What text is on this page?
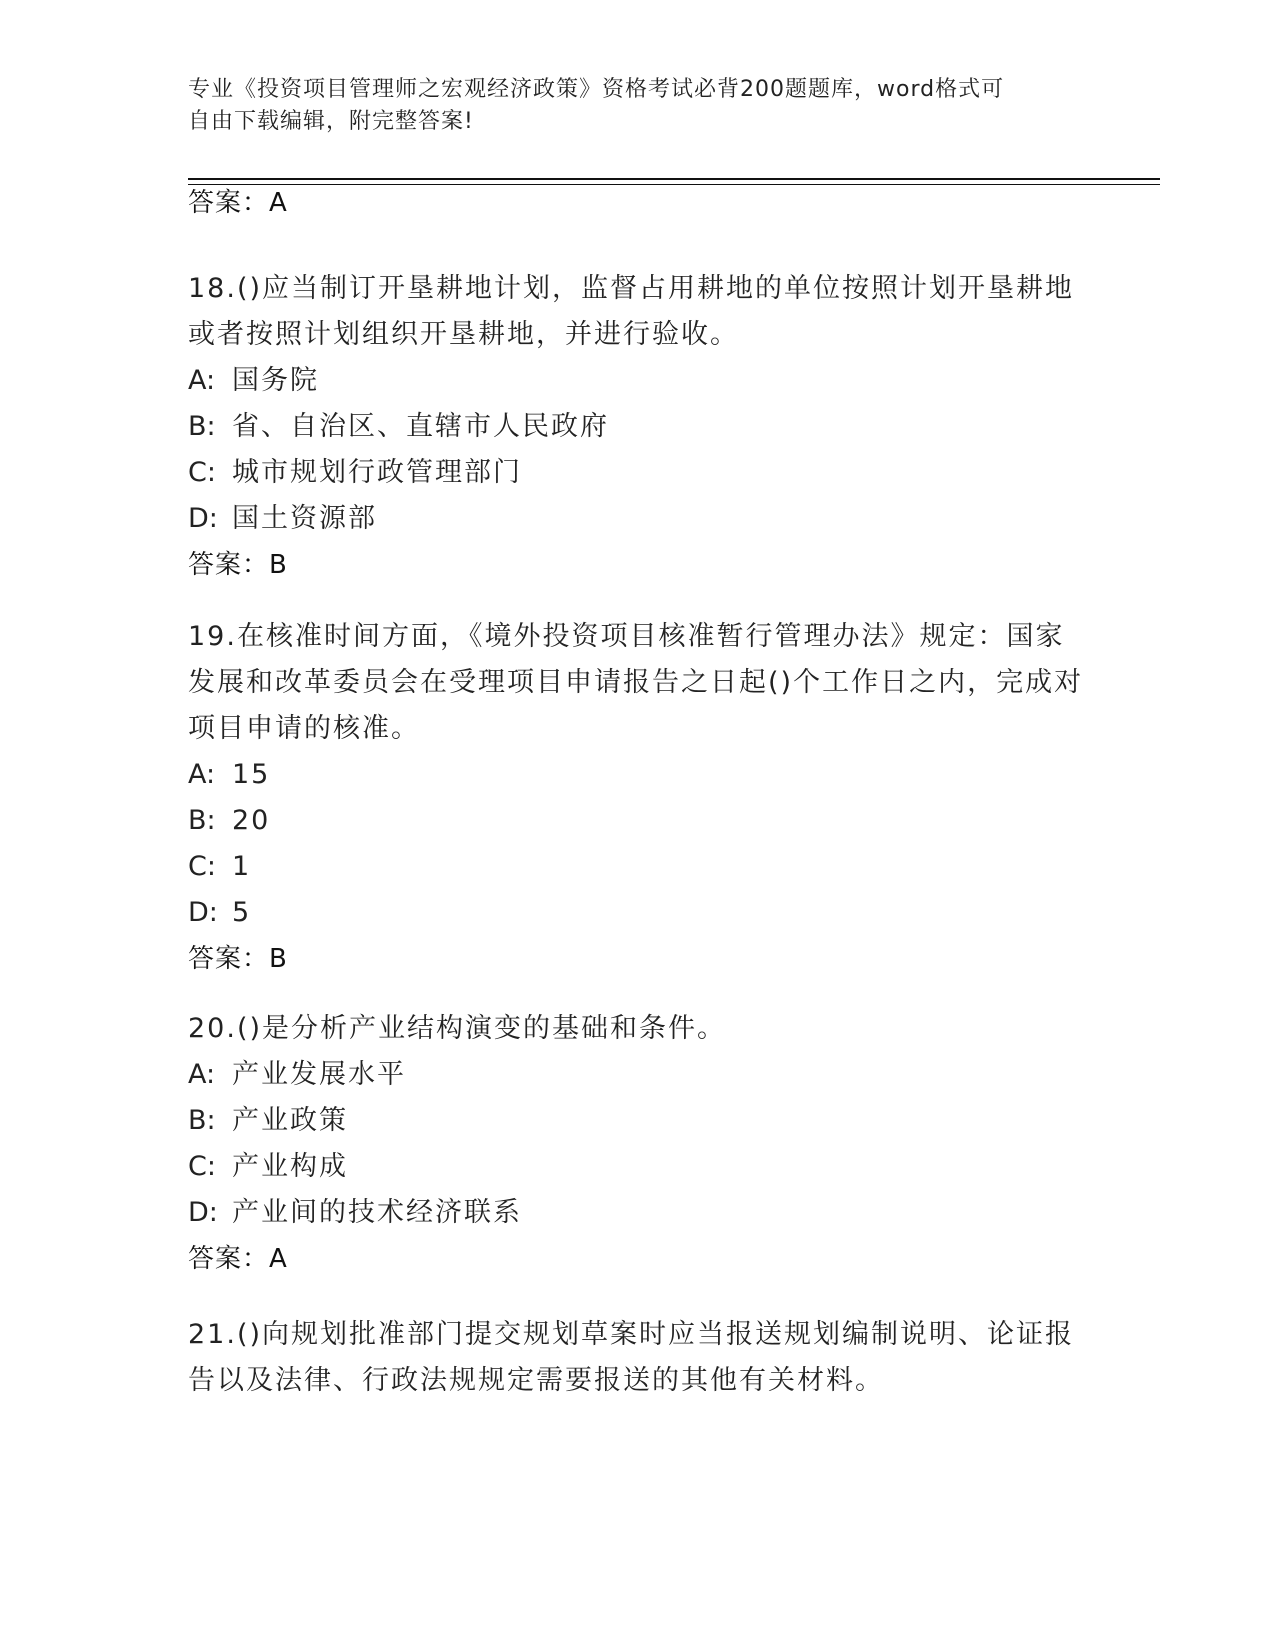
专业《投资项目管理师之宏观经济政策》资格考试必背200题题库，word格式可
自由下载编辑，附完整答案!
答案：A
18.()应当制订开垦耕地计划，监督占用耕地的单位按照计划开垦耕地或者按照计划组织开垦耕地，并进行验收。
A: 国务院
B: 省、自治区、直辖市人民政府
C: 城市规划行政管理部门
D: 国土资源部
答案：B
19.在核准时间方面，《境外投资项目核准暂行管理办法》规定：国家发展和改革委员会在受理项目申请报告之日起()个工作日之内，完成对项目申请的核准。
A: 15
B: 20
C: 1
D: 5
答案：B
20.()是分析产业结构演变的基础和条件。
A: 产业发展水平
B: 产业政策
C: 产业构成
D: 产业间的技术经济联系
答案：A
21.()向规划批准部门提交规划草案时应当报送规划编制说明、论证报告以及法律、行政法规规定需要报送的其他有关材料。
